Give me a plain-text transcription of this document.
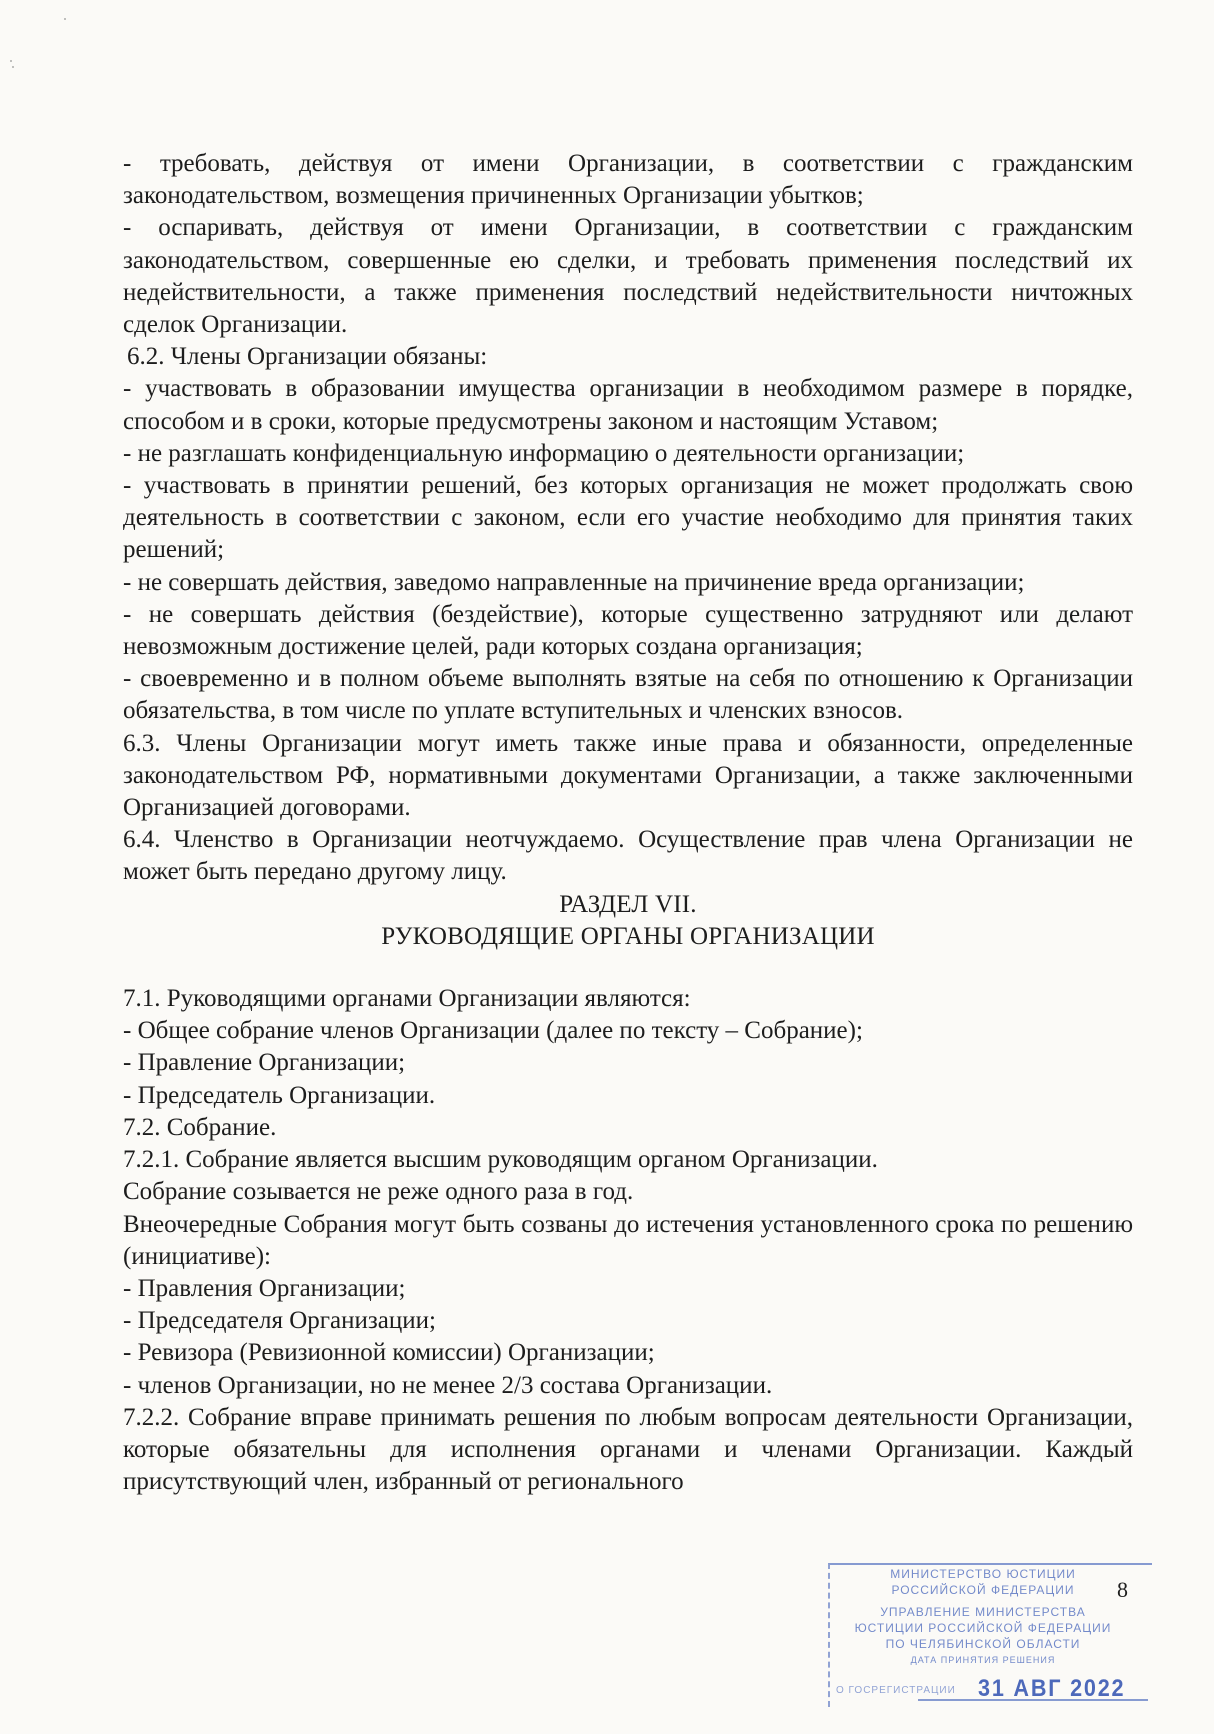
- требовать, действуя от имени Организации, в соответствии с гражданским законодательством, возмещения причиненных Организации убытков;

- оспаривать, действуя от имени Организации, в соответствии с гражданским законодательством, совершенные ею сделки, и требовать применения последствий их недействительности, а также применения последствий недействительности ничтожных сделок Организации.

6.2. Члены Организации обязаны:

- участвовать в образовании имущества организации в необходимом размере в порядке, способом и в сроки, которые предусмотрены законом и настоящим Уставом;

- не разглашать конфиденциальную информацию о деятельности организации;

- участвовать в принятии решений, без которых организация не может продолжать свою деятельность в соответствии с законом, если его участие необходимо для принятия таких решений;

- не совершать действия, заведомо направленные на причинение вреда организации;

- не совершать действия (бездействие), которые существенно затрудняют или делают невозможным достижение целей, ради которых создана организация;

- своевременно и в полном объеме выполнять взятые на себя по отношению к Организации обязательства, в том числе по уплате вступительных и членских взносов.

6.3. Члены Организации могут иметь также иные права и обязанности, определенные законодательством РФ, нормативными документами Организации, а также заключенными Организацией договорами.

6.4. Членство в Организации неотчуждаемо. Осуществление прав члена Организации не может быть передано другому лицу.

РАЗДЕЛ VII.

РУКОВОДЯЩИЕ ОРГАНЫ ОРГАНИЗАЦИИ

7.1. Руководящими органами Организации являются:

- Общее собрание членов Организации (далее по тексту – Собрание);

- Правление Организации;

- Председатель Организации.

7.2. Собрание.

7.2.1. Собрание является высшим руководящим органом Организации.

Собрание созывается не реже одного раза в год.

Внеочередные Собрания могут быть созваны до истечения установленного срока по решению (инициативе):

- Правления Организации;

- Председателя Организации;

- Ревизора (Ревизионной комиссии) Организации;

- членов Организации, но не менее 2/3 состава Организации.

7.2.2. Собрание вправе принимать решения по любым вопросам деятельности Организации, которые обязательны для исполнения органами и членами Организации. Каждый присутствующий член, избранный от регионального

МИНИСТЕРСТВО ЮСТИЦИИ
РОССИЙСКОЙ ФЕДЕРАЦИИ
УПРАВЛЕНИЕ МИНИСТЕРСТВА
ЮСТИЦИИ РОССИЙСКОЙ ФЕДЕРАЦИИ
ПО ЧЕЛЯБИНСКОЙ ОБЛАСТИ
ДАТА ПРИНЯТИЯ РЕШЕНИЯ
О ГОСРЕГИСТРАЦИИ 31 АВГ 2022
8
